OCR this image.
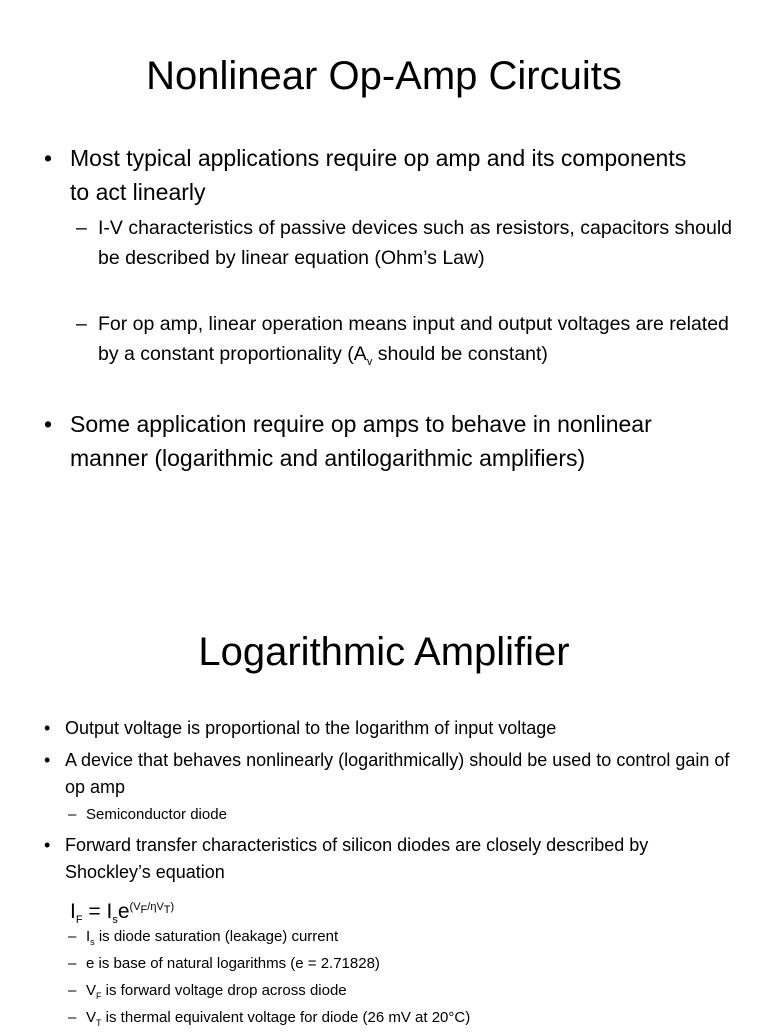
Nonlinear Op-Amp Circuits
• Most typical applications require op amp and its components to act linearly
– I-V characteristics of passive devices such as resistors, capacitors should be described by linear equation (Ohm’s Law)
– For op amp, linear operation means input and output voltages are related by a constant proportionality ($A_v$ should be constant)
• Some application require op amps to behave in nonlinear manner (logarithmic and antilogarithmic amplifiers)
Logarithmic Amplifier
• Output voltage is proportional to the logarithm of input voltage
• A device that behaves nonlinearly (logarithmically) should be used to control gain of op amp
– Semiconductor diode
• Forward transfer characteristics of silicon diodes are closely described by Shockley’s equation
$I_F = I_se^{(V_F/\eta V_T)}$
– $I_s$ is diode saturation (leakage) current
– e is base of natural logarithms (e = 2.71828)
– $V_F$ is forward voltage drop across diode
– $V_T$ is thermal equivalent voltage for diode (26 mV at 20°C)
